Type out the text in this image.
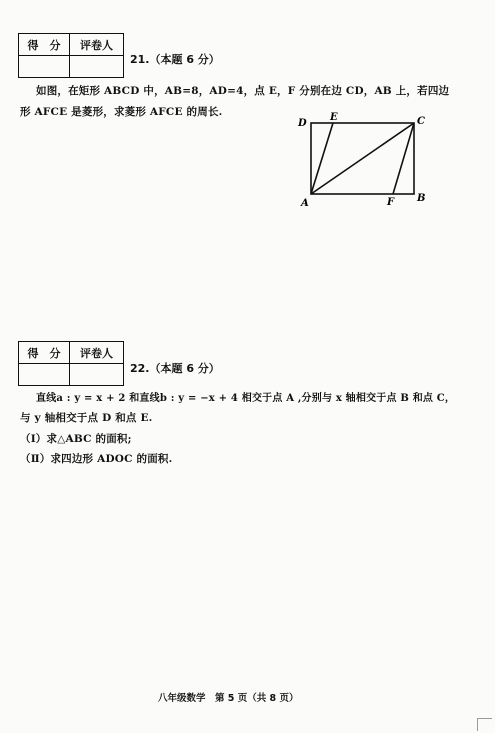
得　分	评卷人

21.（本题 6 分）
如图，在矩形 ABCD 中，AB=8，AD=4，点 E，F 分别在边 CD，AB 上，若四边
形 AFCE 是菱形，求菱形 AFCE 的周长.
D
E	C
A	F B
得　分	评卷人

22.（本题 6 分）
直线a : y = x + 2 和直线b : y = −x + 4 相交于点 A ,分别与 x 轴相交于点 B 和点 C，
与 y 轴相交于点 D 和点 E.
（Ⅰ）求△ABC 的面积;
（Ⅱ）求四边形 ADOC 的面积.
八年级数学　第 5 页（共 8 页）
